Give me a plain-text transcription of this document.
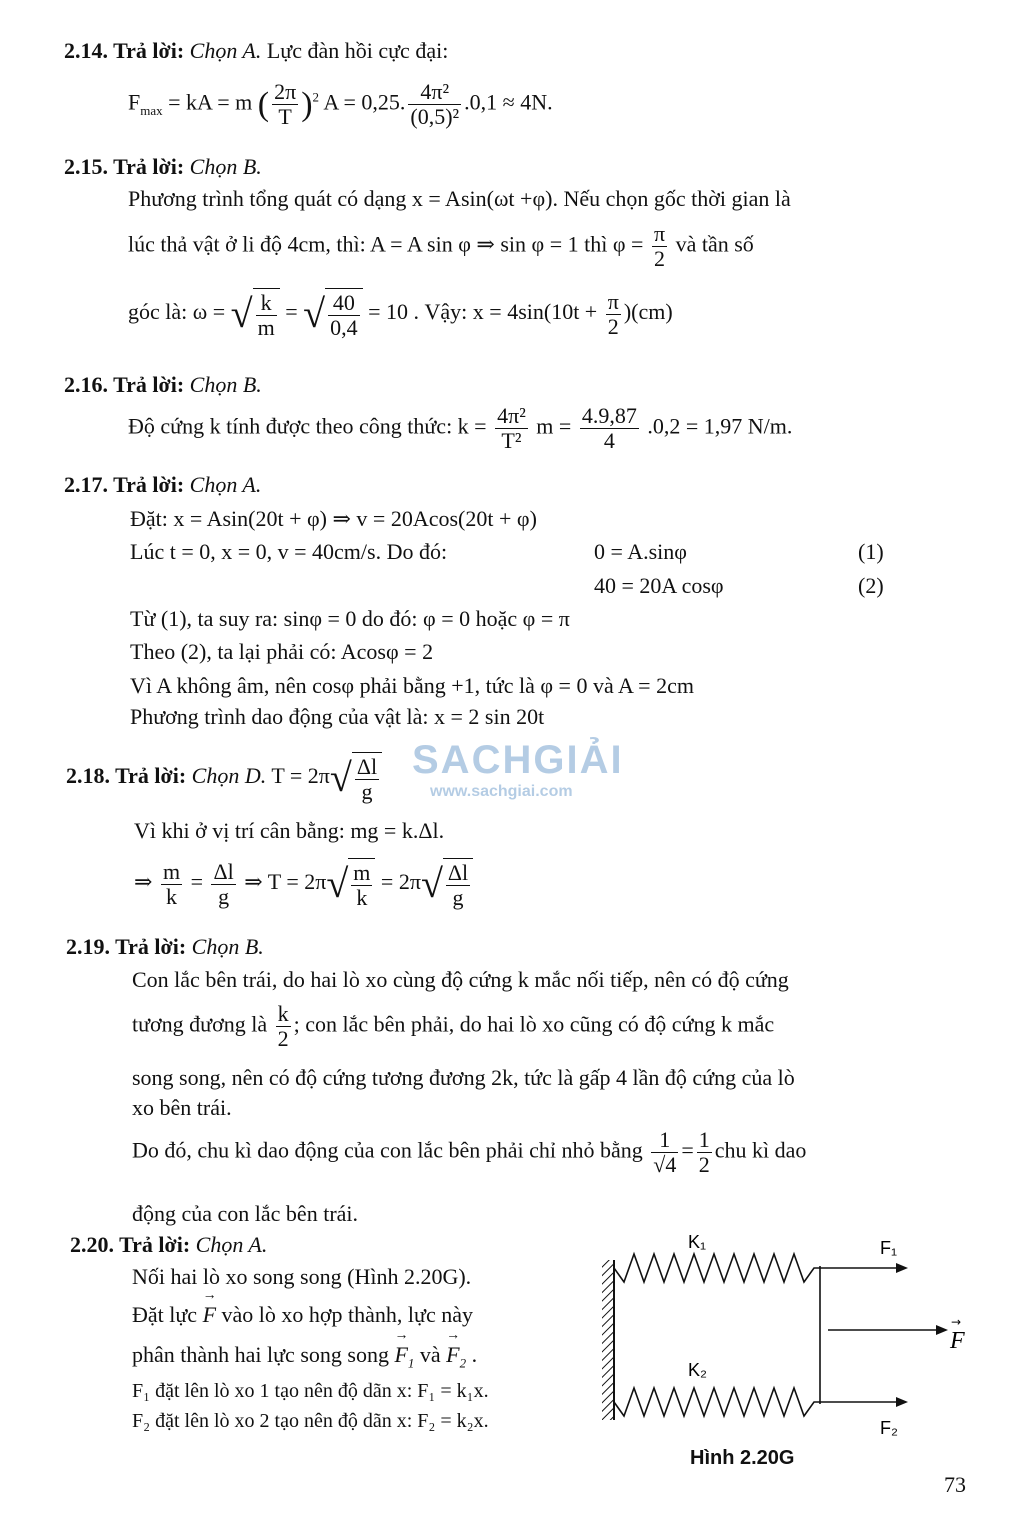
2.14. Trả lời: Chọn A. Lực đàn hồi cực đại:
$F_{max}$ = kA = m ( $\frac{2\pi}{T} )^2$ A = 0,25. $\frac{\text{4π²}}{\text{(0,5)²}} .0,1 \approx 4N$.
2.15. Trả lời: Chọn B.
Phương trình tổng quát có dạng x = Asin(ωt +φ). Nếu chọn gốc thời gian là
lúc thả vật ở li độ 4cm, thì: A = A sin φ ⇒ sin φ = 1 thì $\varphi = \frac{\pi}{2}$ và tần số
góc là: ω = √ $\frac{k}{m}$ = √ $\frac{40}{0,4} = 10$ . Vậy: $x = 4\sin(10t + \frac{\pi}{2} )(cm)$
2.16. Trả lời: Chọn B.
Độ cứng k tính được theo công thức: $k = \frac{\text{4π²}}{\text{T²}}$ $m = \frac{4.9,87}{4} .0,2 = 1,97$ N/m.
2.17. Trả lời: Chọn A.
Đặt: x = Asin(20t + φ) ⇒ v = 20Acos(20t + φ)
Lúc t = 0, x = 0, v = 40cm/s. Do đó:	0 = A.sinφ	(1)
40 = 20A cosφ	(2)
Từ (1), ta suy ra: sinφ = 0 do đó: φ = 0 hoặc φ = π
Theo (2), ta lại phải có: Acosφ = 2
Vì A không âm, nên cosφ phải bằng +1, tức là φ = 0 và A = 2cm
Phương trình dao động của vật là: x = 2 sin 20t
SACHGIẢI
www.sachgiai.com
2.18. Trả lời: Chọn D. $T = 2\pi√ \frac{\Delta l}{g}$
Vì khi ở vị trí cân bằng: mg = k.Δl.
⇒ $\frac{m}{k} = \frac{\Delta l}{g}$ ⇒ $T = 2\pi√ \frac{m}{k} = 2\pi√ \frac{\Delta l}{g}$
2.19. Trả lời: Chọn B.
Con lắc bên trái, do hai lò xo cùng độ cứng k mắc nối tiếp, nên có độ cứng
tương đương là $\frac{k}{2}$ ; con lắc bên phải, do hai lò xo cũng có độ cứng k mắc
song song, nên có độ cứng tương đương 2k, tức là gấp 4 lần độ cứng của lò
xo bên trái.
Do đó, chu kì dao động của con lắc bên phải chỉ nhỏ bằng $\frac{1}{√4} = \frac{1}{2}$ chu kì dao
động của con lắc bên trái.
2.20. Trả lời: Chọn A.
Nối hai lò xo song song (Hình 2.20G).
Đặt lực F
→
vào lò xo hợp thành, lực này
phân thành hai lực song song $F_1$
→
và $F_2$
→
.
F₁ đặt lên lò xo 1 tạo nên độ dãn x: F₁ = k₁x.
F₂ đặt lên lò xo 2 tạo nên độ dãn x: F₂ = k₂x.
K₁
K₂
F₁
F₂
F
→
Hình 2.20G
73
